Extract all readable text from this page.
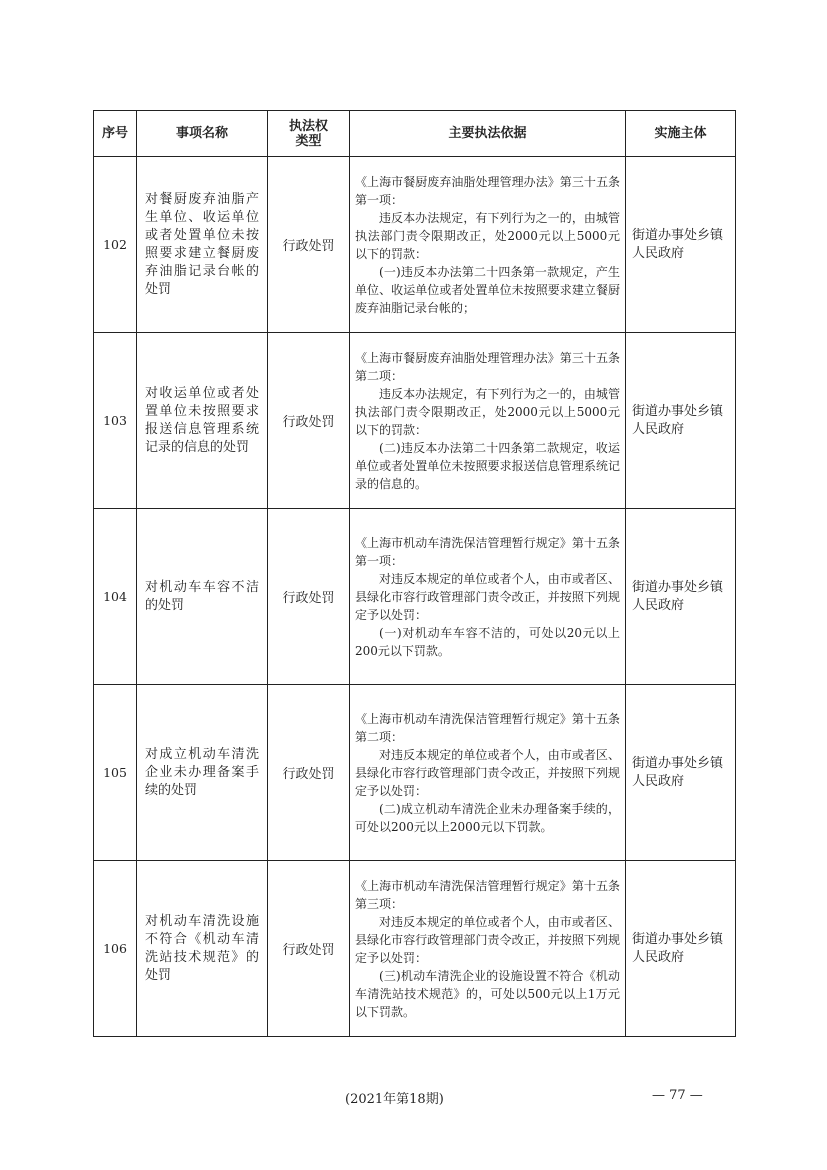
序号	事项名称	执法权类型	主要执法依据	实施主体
102	对餐厨废弃油脂产生单位、收运单位或者处置单位未按照要求建立餐厨废弃油脂记录台帐的处罚	行政处罚	《上海市餐厨废弃油脂处理管理办法》第三十五条第一项：

违反本办法规定，有下列行为之一的，由城管执法部门责令限期改正，处2000元以上5000元以下的罚款：

(一)违反本办法第二十四条第一款规定，产生单位、收运单位或者处置单位未按照要求建立餐厨废弃油脂记录台帐的；	街道办事处乡镇人民政府
103	对收运单位或者处置单位未按照要求报送信息管理系统记录的信息的处罚	行政处罚	《上海市餐厨废弃油脂处理管理办法》第三十五条第二项：

违反本办法规定，有下列行为之一的，由城管执法部门责令限期改正，处2000元以上5000元以下的罚款：

(二)违反本办法第二十四条第二款规定，收运单位或者处置单位未按照要求报送信息管理系统记录的信息的。	街道办事处乡镇人民政府
104	对机动车车容不洁的处罚	行政处罚	《上海市机动车清洗保洁管理暂行规定》第十五条第一项：

对违反本规定的单位或者个人，由市或者区、县绿化市容行政管理部门责令改正，并按照下列规定予以处罚：

(一)对机动车车容不洁的，可处以20元以上200元以下罚款。	街道办事处乡镇人民政府
105	对成立机动车清洗企业未办理备案手续的处罚	行政处罚	《上海市机动车清洗保洁管理暂行规定》第十五条第二项：

对违反本规定的单位或者个人，由市或者区、县绿化市容行政管理部门责令改正，并按照下列规定予以处罚：

(二)成立机动车清洗企业未办理备案手续的，可处以200元以上2000元以下罚款。	街道办事处乡镇人民政府
106	对机动车清洗设施不符合《机动车清洗站技术规范》的处罚	行政处罚	《上海市机动车清洗保洁管理暂行规定》第十五条第三项：

对违反本规定的单位或者个人，由市或者区、县绿化市容行政管理部门责令改正，并按照下列规定予以处罚：

(三)机动车清洗企业的设施设置不符合《机动车清洗站技术规范》的，可处以500元以上1万元以下罚款。	街道办事处乡镇人民政府
(2021年第18期)	— 77 —
